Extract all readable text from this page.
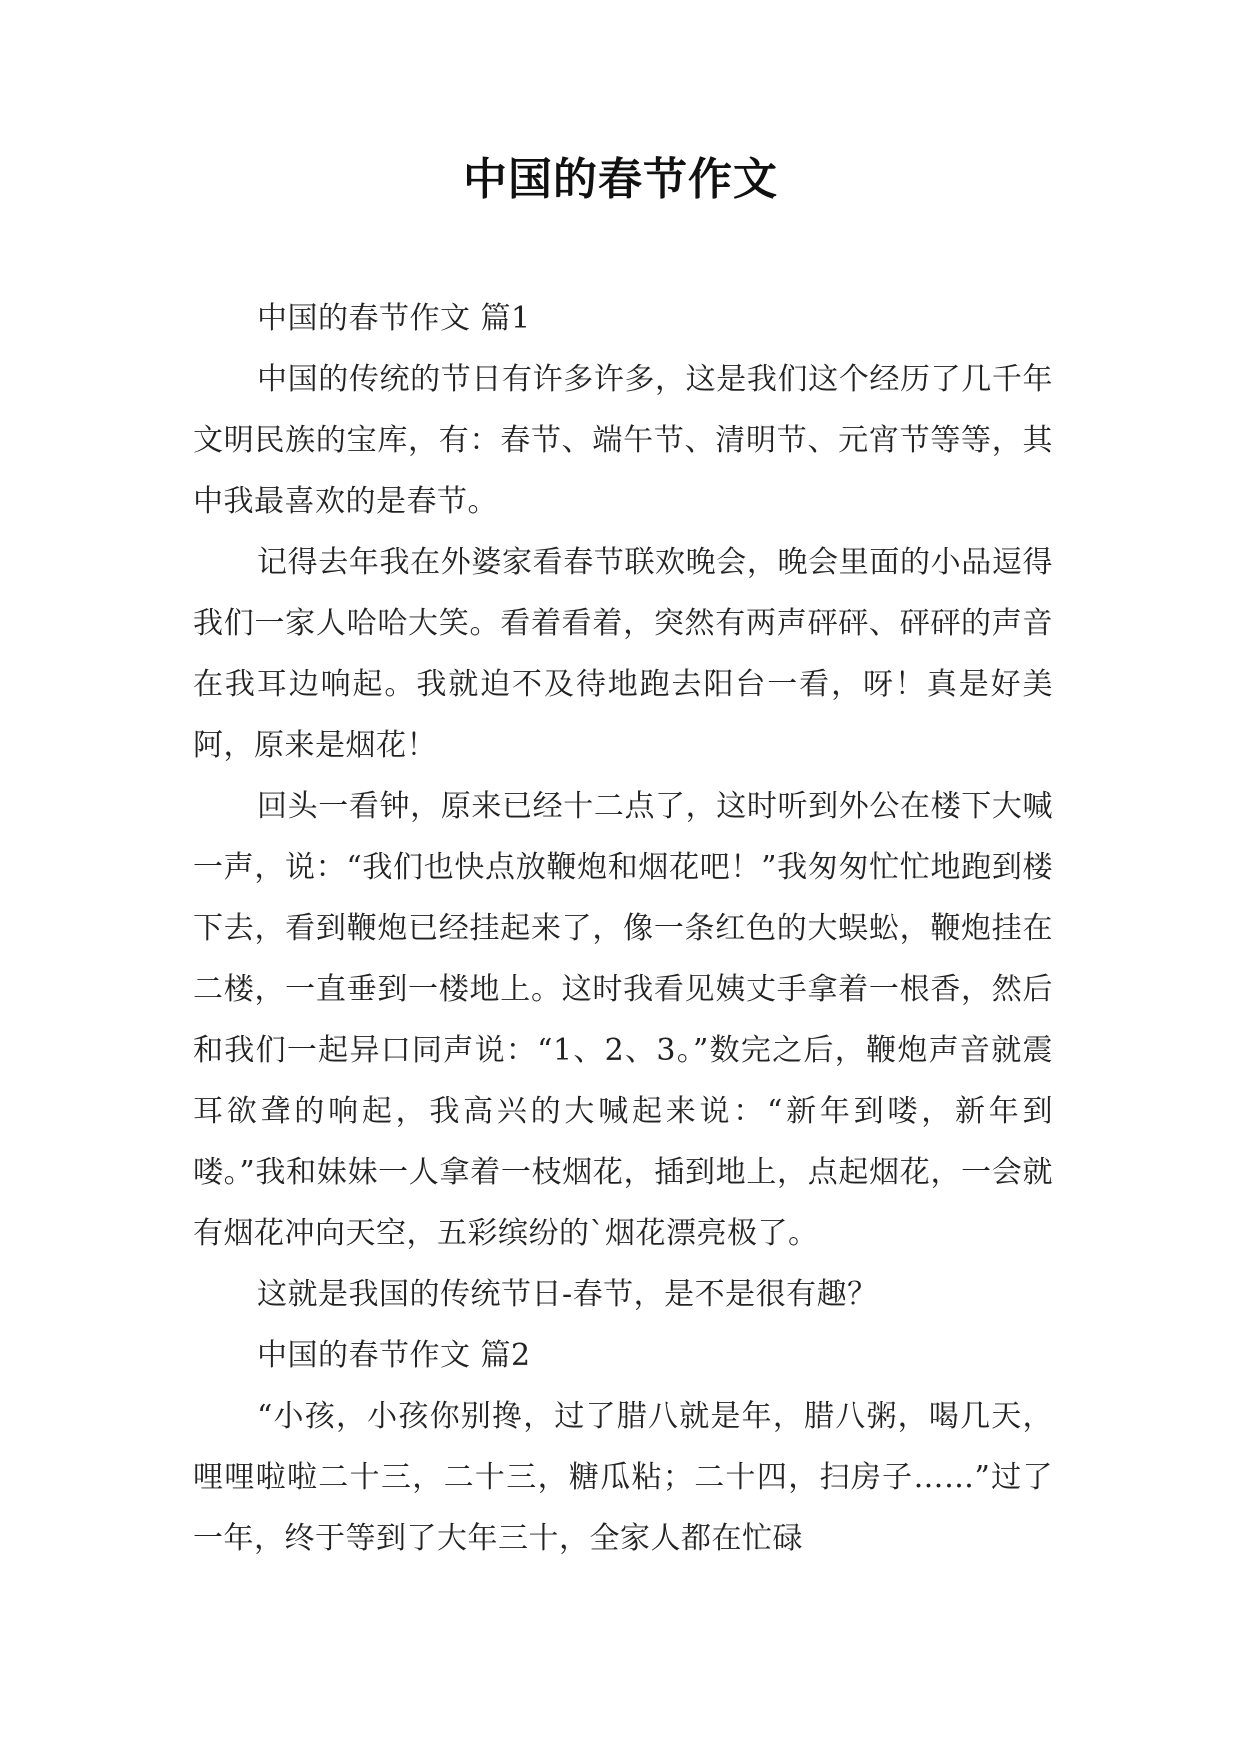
中国的春节作文

中国的春节作文 篇1

中国的传统的节日有许多许多，这是我们这个经历了几千年文明民族的宝库，有：春节、端午节、清明节、元宵节等等，其中我最喜欢的是春节。

记得去年我在外婆家看春节联欢晚会，晚会里面的小品逗得我们一家人哈哈大笑。看着看着，突然有两声砰砰、砰砰的声音在我耳边响起。我就迫不及待地跑去阳台一看，呀！真是好美阿，原来是烟花！

回头一看钟，原来已经十二点了，这时听到外公在楼下大喊一声，说：“我们也快点放鞭炮和烟花吧！”我匆匆忙忙地跑到楼下去，看到鞭炮已经挂起来了，像一条红色的大蜈蚣，鞭炮挂在二楼，一直垂到一楼地上。这时我看见姨丈手拿着一根香，然后和我们一起异口同声说：“1、2、3。”数完之后，鞭炮声音就震耳欲聋的响起，我高兴的大喊起来说：“新年到喽，新年到喽。”我和妹妹一人拿着一枝烟花，插到地上，点起烟花，一会就有烟花冲向天空，五彩缤纷的`烟花漂亮极了。

这就是我国的传统节日-春节，是不是很有趣？

中国的春节作文 篇2

“小孩，小孩你别搀，过了腊八就是年，腊八粥，喝几天，哩哩啦啦二十三，二十三，糖瓜粘；二十四，扫房子……”过了一年，终于等到了大年三十，全家人都在忙碌
